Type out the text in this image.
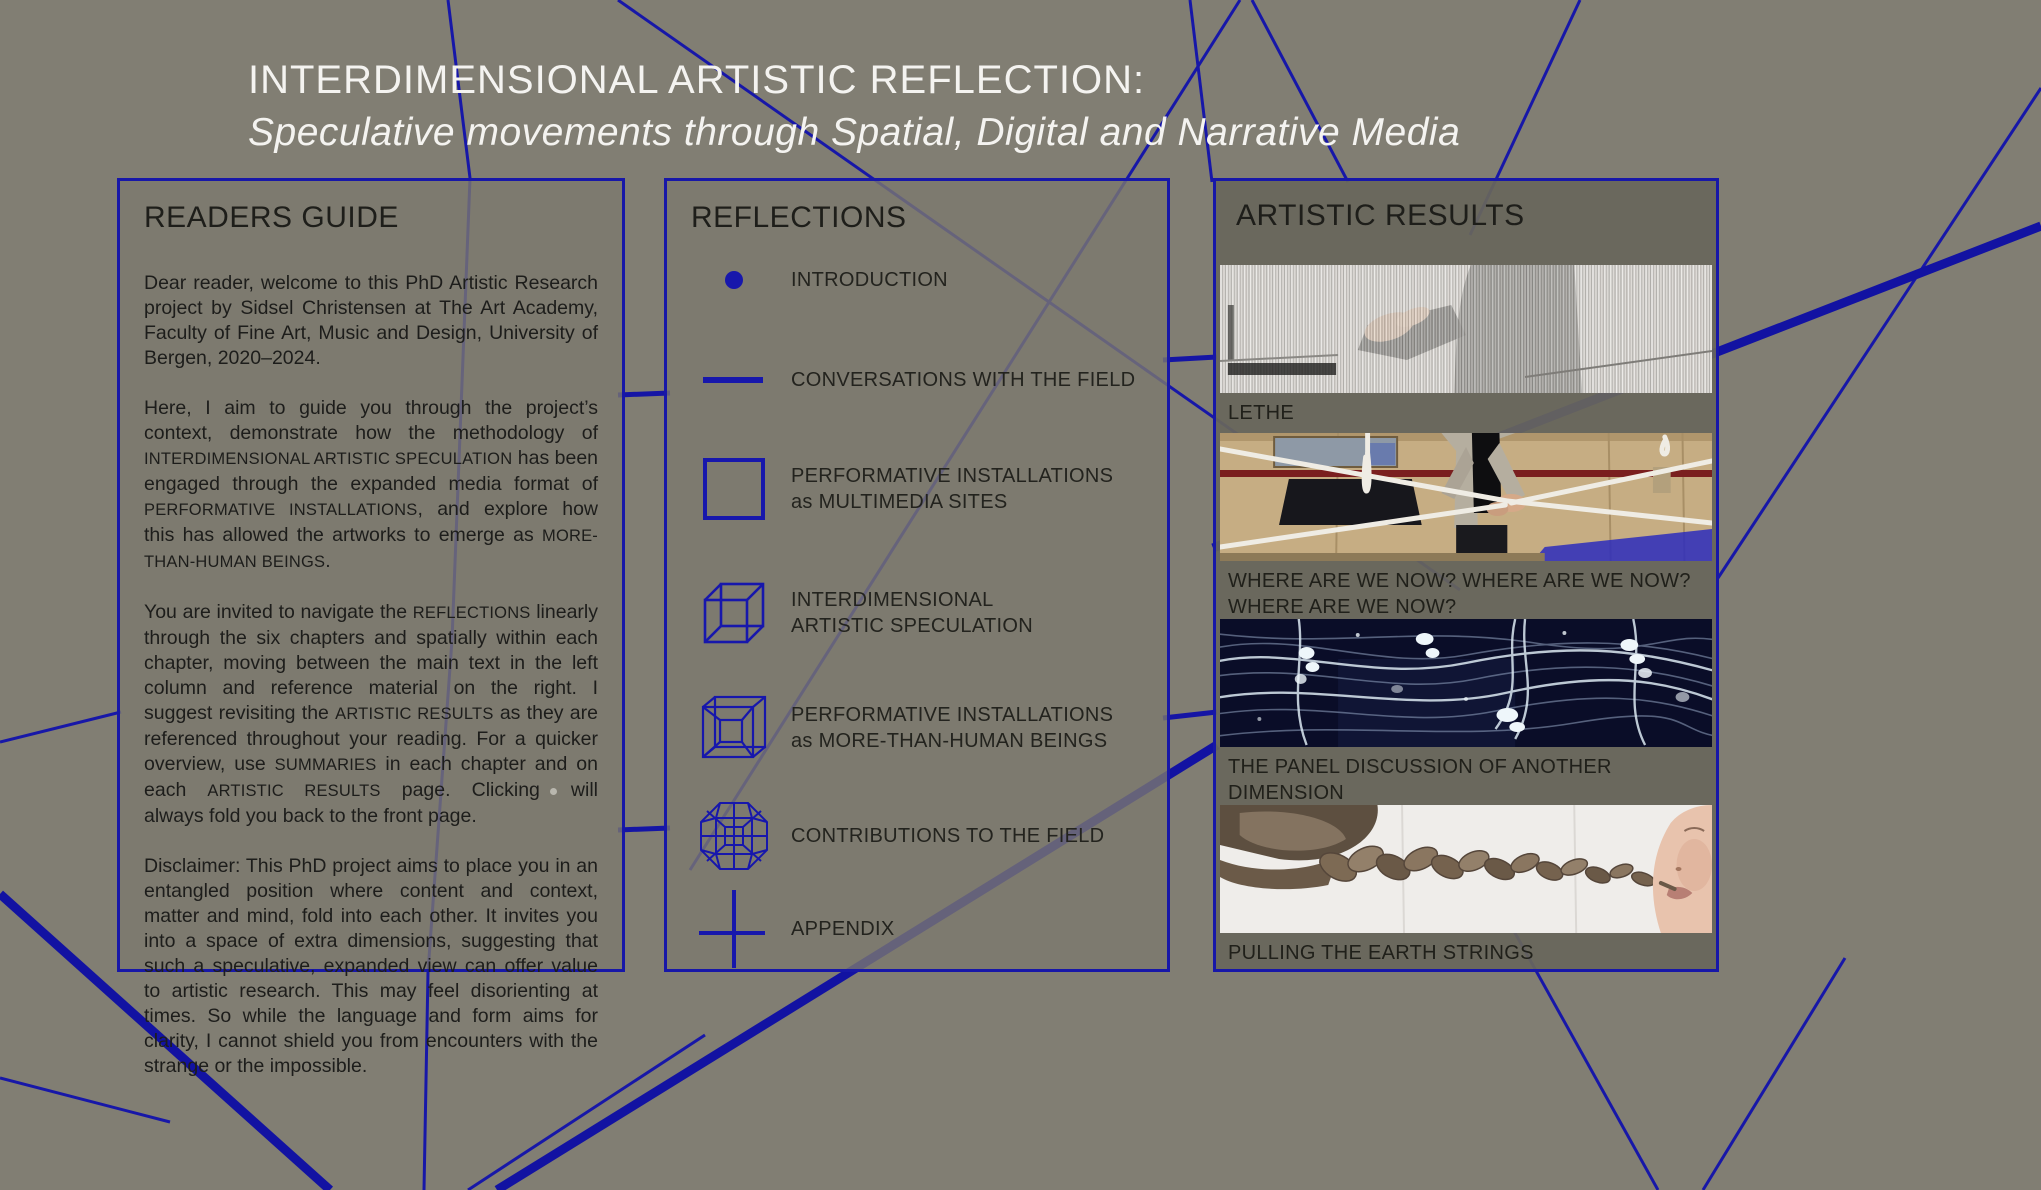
INTERDIMENSIONAL ARTISTIC REFLECTION:
Speculative movements through Spatial, Digital and Narrative Media
READERS GUIDE

Dear reader, welcome to this PhD Artistic Research project by Sidsel Christensen at The Art Academy, Faculty of Fine Art, Music and Design, University of Bergen, 2020–2024.

Here, I aim to guide you through the project’s context, demonstrate how the methodology of INTERDIMENSIONAL ARTISTIC SPECULATION has been engaged through the expanded media format of PERFORMATIVE INSTALLATIONS, and explore how this has allowed the artworks to emerge as MORE-THAN-HUMAN BEINGS.

You are invited to navigate the REFLECTIONS linearly through the six chapters and spatially within each chapter, moving between the main text in the left column and reference material on the right. I suggest revisiting the ARTISTIC RESULTS as they are referenced throughout your reading. For a quicker overview, use SUMMARIES in each chapter and on each ARTISTIC RESULTS page. Clicking will always fold you back to the front page.

Disclaimer: This PhD project aims to place you in an entangled position where content and context, matter and mind, fold into each other. It invites you into a space of extra dimensions, suggesting that such a speculative, expanded view can offer value to artistic research. This may feel disorienting at times. So while the language and form aims for clarity, I cannot shield you from encounters with the strange or the impossible.

REFLECTIONS
INTRODUCTION
CONVERSATIONS WITH THE FIELD
PERFORMATIVE INSTALLATIONS
as MULTIMEDIA SITES
INTERDIMENSIONAL
ARTISTIC SPECULATION
PERFORMATIVE INSTALLATIONS
as MORE-THAN-HUMAN BEINGS
CONTRIBUTIONS TO THE FIELD
APPENDIX
ARTISTIC RESULTS
LETHE
WHERE ARE WE NOW? WHERE ARE WE NOW? WHERE ARE WE NOW?
THE PANEL DISCUSSION OF ANOTHER DIMENSION
PULLING THE EARTH STRINGS
